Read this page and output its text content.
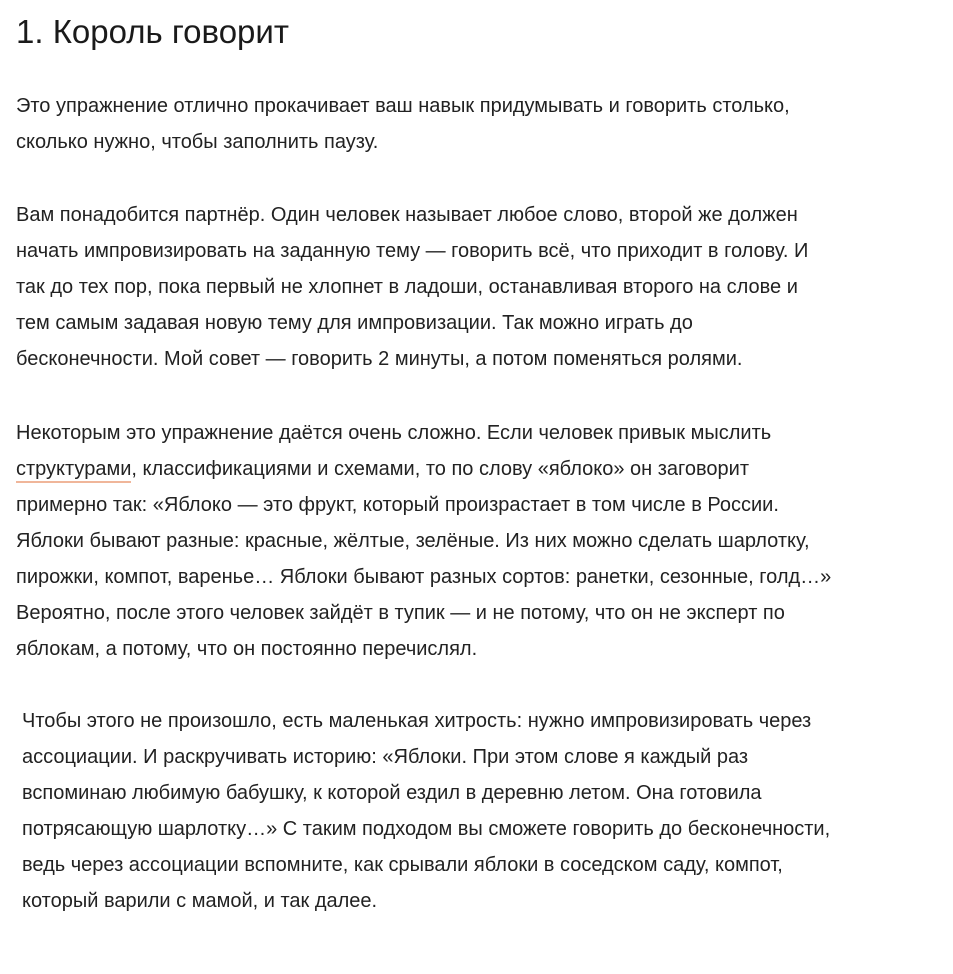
1. Король говорит

Это упражнение отлично прокачивает ваш навык придумывать и говорить столько,
сколько нужно, чтобы заполнить паузу.

Вам понадобится партнёр. Один человек называет любое слово, второй же должен
начать импровизировать на заданную тему — говорить всё, что приходит в голову. И
так до тех пор, пока первый не хлопнет в ладоши, останавливая второго на слове и
тем самым задавая новую тему для импровизации. Так можно играть до
бесконечности. Мой совет — говорить 2 минуты, а потом поменяться ролями.

Некоторым это упражнение даётся очень сложно. Если человек привык мыслить
структурами, классификациями и схемами, то по слову «яблоко» он заговорит
примерно так: «Яблоко — это фрукт, который произрастает в том числе в России.
Яблоки бывают разные: красные, жёлтые, зелёные. Из них можно сделать шарлотку,
пирожки, компот, варенье… Яблоки бывают разных сортов: ранетки, сезонные, голд…»
Вероятно, после этого человек зайдёт в тупик — и не потому, что он не эксперт по
яблокам, а потому, что он постоянно перечислял.

Чтобы этого не произошло, есть маленькая хитрость: нужно импровизировать через
ассоциации. И раскручивать историю: «Яблоки. При этом слове я каждый раз
вспоминаю любимую бабушку, к которой ездил в деревню летом. Она готовила
потрясающую шарлотку…» С таким подходом вы сможете говорить до бесконечности,
ведь через ассоциации вспомните, как срывали яблоки в соседском саду, компот,
который варили с мамой, и так далее.
